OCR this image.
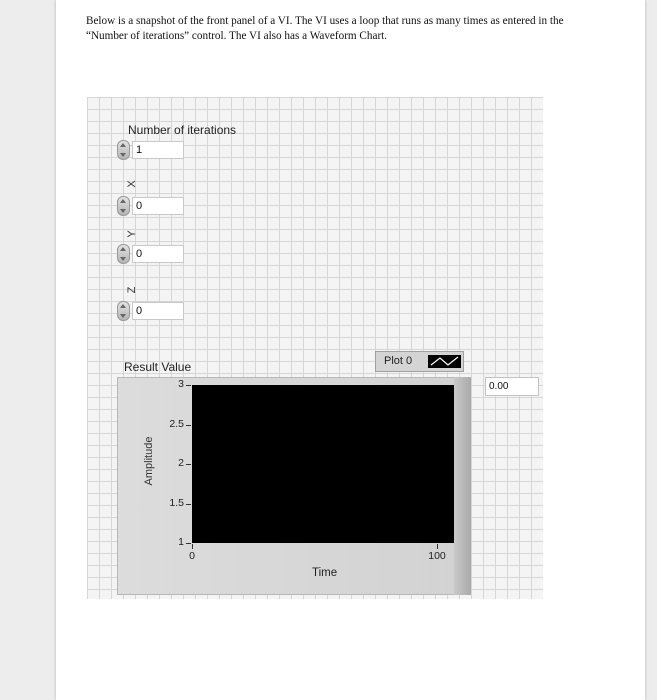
Below is a snapshot of the front panel of a VI. The VI uses a loop that runs as many times as entered in the “Number of iterations” control. The VI also has a Waveform Chart.
Number of iterations
1
X
0
Y
0
Z
0
Result Value	Plot 0
Amplitude
Time
3
2.5
2
1.5
1
0	100
0.00
